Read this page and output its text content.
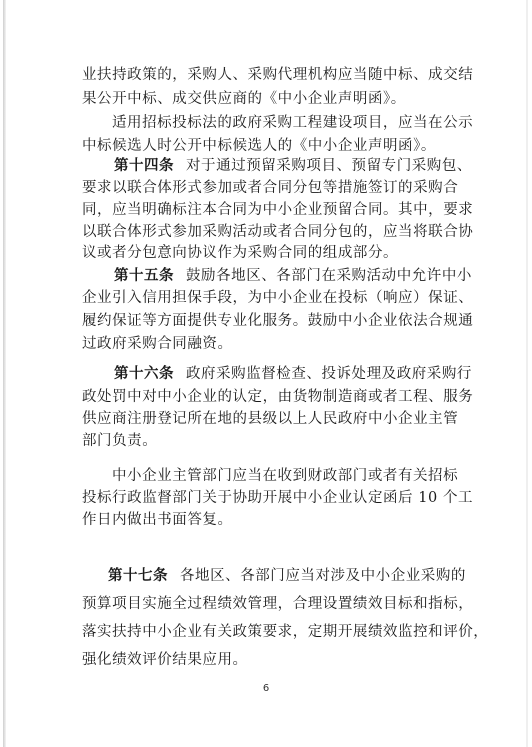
业扶持政策的，采购人、采购代理机构应当随中标、成交结
果公开中标、成交供应商的《中小企业声明函》。
适用招标投标法的政府采购工程建设项目，应当在公示
中标候选人时公开中标候选人的《中小企业声明函》。
第十四条 对于通过预留采购项目、预留专门采购包、
要求以联合体形式参加或者合同分包等措施签订的采购合
同，应当明确标注本合同为中小企业预留合同。其中，要求
以联合体形式参加采购活动或者合同分包的，应当将联合协
议或者分包意向协议作为采购合同的组成部分。
第十五条 鼓励各地区、各部门在采购活动中允许中小
企业引入信用担保手段，为中小企业在投标（响应）保证、
履约保证等方面提供专业化服务。鼓励中小企业依法合规通
过政府采购合同融资。
第十六条 政府采购监督检查、投诉处理及政府采购行
政处罚中对中小企业的认定，由货物制造商或者工程、服务
供应商注册登记所在地的县级以上人民政府中小企业主管
部门负责。
中小企业主管部门应当在收到财政部门或者有关招标
投标行政监督部门关于协助开展中小企业认定函后 10 个工
作日内做出书面答复。
第十七条 各地区、各部门应当对涉及中小企业采购的
预算项目实施全过程绩效管理，合理设置绩效目标和指标，
落实扶持中小企业有关政策要求，定期开展绩效监控和评价，
强化绩效评价结果应用。
6
